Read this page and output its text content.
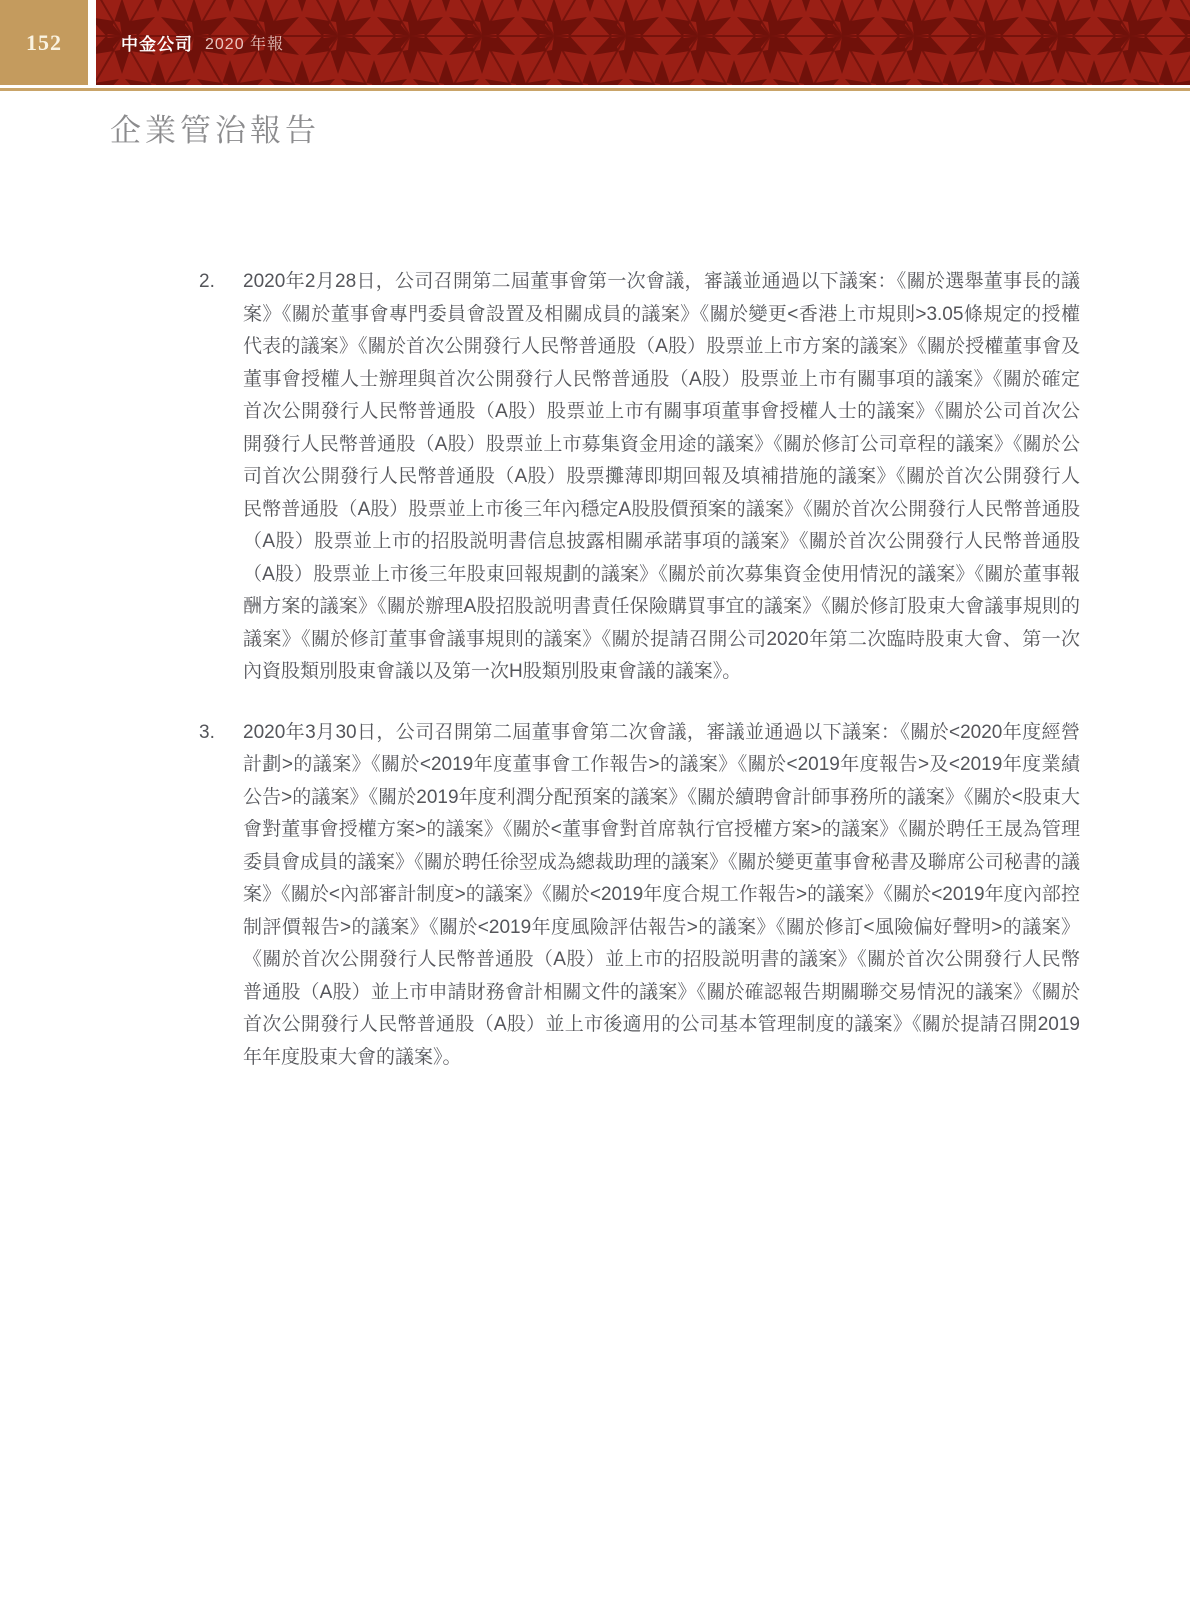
152	中金公司 2020 年報
企業管治報告
2.	2020年2月28日，公司召開第二屆董事會第一次會議，審議並通過以下議案：《關於選舉董事長的議案》《關於董事會專門委員會設置及相關成員的議案》《關於變更<香港上市規則>3.05條規定的授權代表的議案》《關於首次公開發行人民幣普通股（A股）股票並上市方案的議案》《關於授權董事會及董事會授權人士辦理與首次公開發行人民幣普通股（A股）股票並上市有關事項的議案》《關於確定首次公開發行人民幣普通股（A股）股票並上市有關事項董事會授權人士的議案》《關於公司首次公開發行人民幣普通股（A股）股票並上市募集資金用途的議案》《關於修訂公司章程的議案》《關於公司首次公開發行人民幣普通股（A股）股票攤薄即期回報及填補措施的議案》《關於首次公開發行人民幣普通股（A股）股票並上市後三年內穩定A股股價預案的議案》《關於首次公開發行人民幣普通股（A股）股票並上市的招股説明書信息披露相關承諾事項的議案》《關於首次公開發行人民幣普通股（A股）股票並上市後三年股東回報規劃的議案》《關於前次募集資金使用情況的議案》《關於董事報酬方案的議案》《關於辦理A股招股説明書責任保險購買事宜的議案》《關於修訂股東大會議事規則的議案》《關於修訂董事會議事規則的議案》《關於提請召開公司2020年第二次臨時股東大會、第一次內資股類別股東會議以及第一次H股類別股東會議的議案》。
3.	2020年3月30日，公司召開第二屆董事會第二次會議，審議並通過以下議案：《關於<2020年度經營計劃>的議案》《關於<2019年度董事會工作報告>的議案》《關於<2019年度報告>及<2019年度業績公告>的議案》《關於2019年度利潤分配預案的議案》《關於續聘會計師事務所的議案》《關於<股東大會對董事會授權方案>的議案》《關於<董事會對首席執行官授權方案>的議案》《關於聘任王晟為管理委員會成員的議案》《關於聘任徐翌成為總裁助理的議案》《關於變更董事會秘書及聯席公司秘書的議案》《關於<內部審計制度>的議案》《關於<2019年度合規工作報告>的議案》《關於<2019年度內部控制評價報告>的議案》《關於<2019年度風險評估報告>的議案》《關於修訂<風險偏好聲明>的議案》《關於首次公開發行人民幣普通股（A股）並上市的招股説明書的議案》《關於首次公開發行人民幣普通股（A股）並上市申請財務會計相關文件的議案》《關於確認報告期關聯交易情況的議案》《關於首次公開發行人民幣普通股（A股）並上市後適用的公司基本管理制度的議案》《關於提請召開2019年年度股東大會的議案》。
